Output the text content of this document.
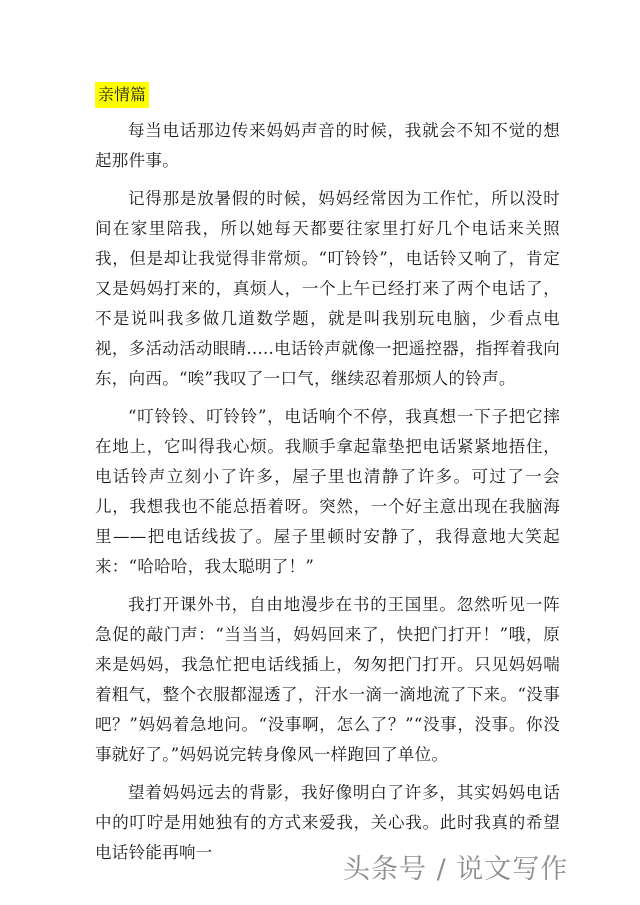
亲情篇

每当电话那边传来妈妈声音的时候，我就会不知不觉的想起那件事。

记得那是放暑假的时候，妈妈经常因为工作忙，所以没时间在家里陪我，所以她每天都要往家里打好几个电话来关照我，但是却让我觉得非常烦。“叮铃铃”，电话铃又响了，肯定又是妈妈打来的，真烦人，一个上午已经打来了两个电话了，不是说叫我多做几道数学题，就是叫我别玩电脑，少看点电视，多活动活动眼睛.....电话铃声就像一把遥控器，指挥着我向东，向西。“唉”我叹了一口气，继续忍着那烦人的铃声。

“叮铃铃、叮铃铃”，电话响个不停，我真想一下子把它摔在地上，它叫得我心烦。我顺手拿起靠垫把电话紧紧地捂住，电话铃声立刻小了许多，屋子里也清静了许多。可过了一会儿，我想我也不能总捂着呀。突然，一个好主意出现在我脑海里——把电话线拔了。屋子里顿时安静了，我得意地大笑起来：“哈哈哈，我太聪明了！”

我打开课外书，自由地漫步在书的王国里。忽然听见一阵急促的敲门声：“当当当，妈妈回来了，快把门打开！”哦，原来是妈妈，我急忙把电话线插上，匆匆把门打开。只见妈妈喘着粗气，整个衣服都湿透了，汗水一滴一滴地流了下来。“没事吧？”妈妈着急地问。“没事啊，怎么了？”“没事，没事。你没事就好了。”妈妈说完转身像风一样跑回了单位。

望着妈妈远去的背影，我好像明白了许多，其实妈妈电话中的叮咛是用她独有的方式来爱我，关心我。此时我真的希望电话铃能再响一

头条号 / 说文写作
